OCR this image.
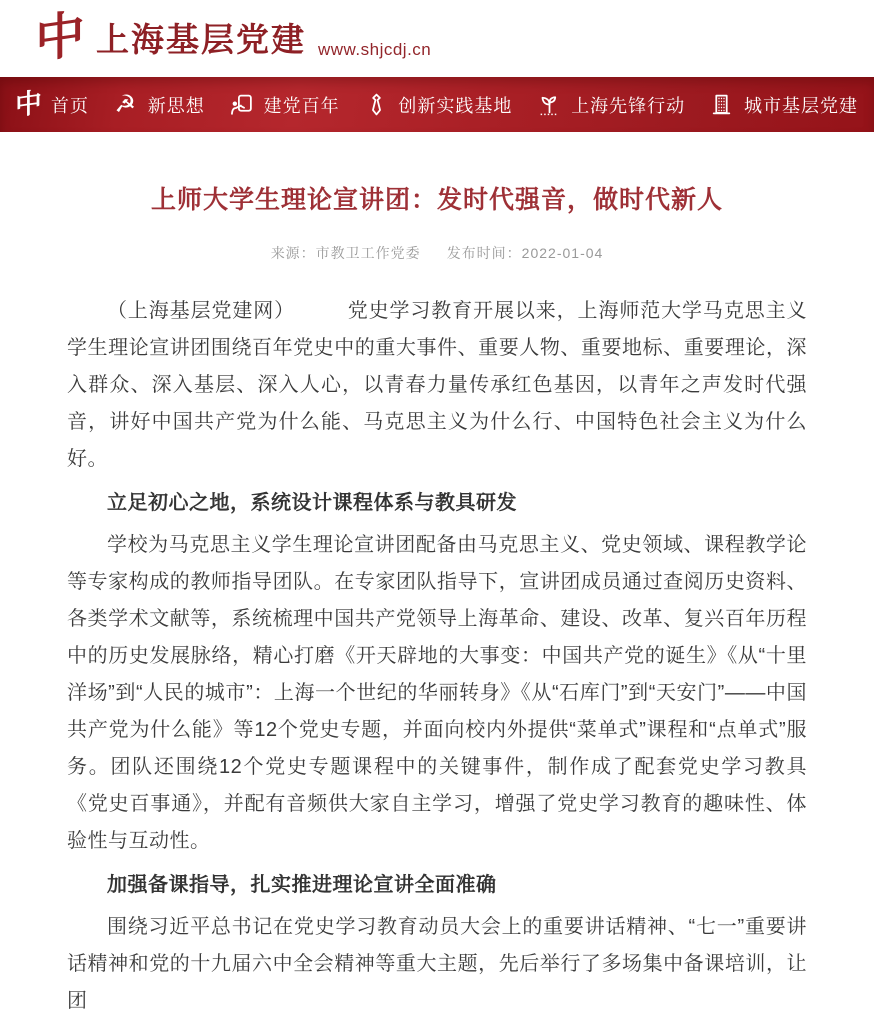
中 上海基层党建 www.shjcdj.cn
中 首页 ☭ 新思想	建党百年	创新实践基地	上海先锋行动	城市基层党建
上师大学生理论宣讲团：发时代强音，做时代新人
来源：市教卫工作党委 发布时间：2022-01-04

（上海基层党建网）　　　党史学习教育开展以来，上海师范大学马克思主义学生理论宣讲团围绕百年党史中的重大事件、重要人物、重要地标、重要理论，深入群众、深入基层、深入人心，以青春力量传承红色基因，以青年之声发时代强音，讲好中国共产党为什么能、马克思主义为什么行、中国特色社会主义为什么好。

立足初心之地，系统设计课程体系与教具研发

学校为马克思主义学生理论宣讲团配备由马克思主义、党史领域、课程教学论等专家构成的教师指导团队。在专家团队指导下，宣讲团成员通过查阅历史资料、各类学术文献等，系统梳理中国共产党领导上海革命、建设、改革、复兴百年历程中的历史发展脉络，精心打磨《开天辟地的大事变：中国共产党的诞生》《从“十里洋场”到“人民的城市”：上海一个世纪的华丽转身》《从“石库门”到“天安门”——中国共产党为什么能》等12个党史专题，并面向校内外提供“菜单式”课程和“点单式”服务。团队还围绕12个党史专题课程中的关键事件，制作成了配套党史学习教具《党史百事通》，并配有音频供大家自主学习，增强了党史学习教育的趣味性、体验性与互动性。

加强备课指导，扎实推进理论宣讲全面准确

围绕习近平总书记在党史学习教育动员大会上的重要讲话精神、“七一”重要讲话精神和党的十九届六中全会精神等重大主题，先后举行了多场集中备课培训，让团
